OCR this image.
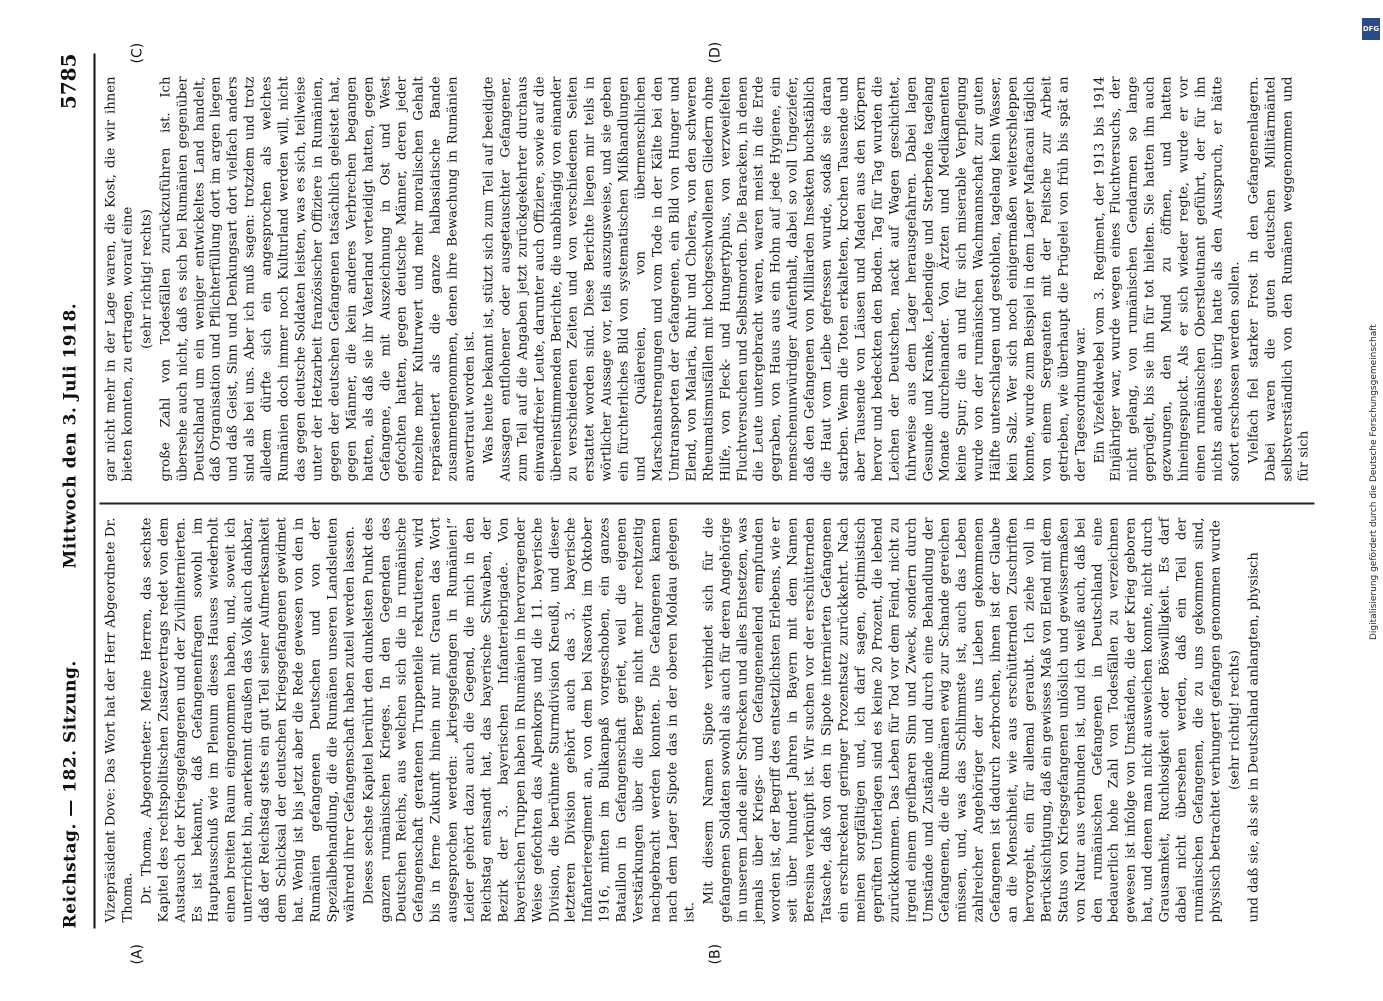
Reichstag. — 182. Sitzung.
Mittwoch den 3. Juli 1918.
5785
(A)	(B)
(C)	(D)

Vizepräsident Dove: Das Wort hat der Herr Abgeordnete Dr. Thoma. Dr. Thoma, Abgeordneter: Meine Herren, das sechste Kapitel des rechtspolitischen Zusatzvertrags redet von dem Austausch der Kriegsgefangenen und der Zivilinternierten. Es ist bekannt, daß Gefangenenfragen sowohl im Hauptausschuß wie im Plenum dieses Hauses wiederholt einen breiten Raum eingenommen haben, und, soweit ich unterrichtet bin, anerkennt draußen das Volk auch dankbar, daß der Reichstag stets ein gut Teil seiner Aufmerksamkeit dem Schicksal der deutschen Kriegsgefangenen gewidmet hat. Wenig ist bis jetzt aber die Rede gewesen von den in Rumänien gefangenen Deutschen und von der Spezialbehandlung, die die Rumänen unseren Landsleuten während ihrer Gefangenschaft haben zuteil werden lassen. Dieses sechste Kapitel berührt den dunkelsten Punkt des ganzen rumänischen Krieges. In den Gegenden des Deutschen Reichs, aus welchen sich die in rumänische Gefangenschaft geratenen Truppenteile rekrutieren, wird bis in ferne Zukunft hinein nur mit Grauen das Wort ausgesprochen werden: „kriegsgefangen in Rumänien!“ Leider gehört dazu auch die Gegend, die mich in den Reichstag entsandt hat, das bayerische Schwaben, der Bezirk der 3. bayerischen Infanteriebrigade. Von bayerischen Truppen haben in Rumänien in hervorragender Weise gefochten das Alpenkorps und die 11. bayerische Division, die berühmte Sturmdivision Kneußl, und dieser letzteren Division gehört auch das 3. bayerische Infanterieregiment an, von dem bei Nasovita im Oktober 1916, mitten im Bulkanpaß vorgeschoben, ein ganzes Bataillon in Gefangenschaft geriet, weil die eigenen Verstärkungen über die Berge nicht mehr rechtzeitig nachgebracht werden konnten. Die Gefangenen kamen nach dem Lager Sipote das in der oberen Moldau gelegen ist.

Mit diesem Namen Sipote verbindet sich für die gefangenen Soldaten sowohl als auch für deren Angehörige in unserem Lande aller Schrecken und alles Entsetzen, was jemals über Kriegs- und Gefangenenelend empfunden worden ist, der Begriff des entsetzlichsten Erlebens, wie er seit über hundert Jahren in Bayern mit dem Namen Beresina verknüpft ist. Wir suchen vor der erschütternden Tatsache, daß von den in Sipote internierten Gefangenen ein erschreckend geringer Prozentsatz zurückkehrt. Nach meinen sorgfältigen und, ich darf sagen, optimistisch geprüften Unterlagen sind es keine 20 Prozent, die lebend zurückkommen. Das Leben für Tod vor dem Feind, nicht zu irgend einem greifbaren Sinn und Zweck, sondern durch Umstände und Zustände und durch eine Behandlung der Gefangenen, die die Rumänen ewig zur Schande gereichen müssen, und, was das Schlimmste ist, auch das Leben zahlreicher Angehöriger der uns Lieben gekommenen Gefangenen ist dadurch zerbrochen, ihnen ist der Glaube an die Menschheit, wie aus erschütternden Zuschriften hervorgeht, ein für allemal geraubt. Ich ziehe voll in Berücksichtigung, daß ein gewisses Maß von Elend mit dem Status von Kriegsgefangenen unlöslich und gewissermaßen von Natur aus verbunden ist, und ich weiß auch, daß bei den rumänischen Gefangenen in Deutschland eine bedauerlich hohe Zahl von Todesfällen zu verzeichnen gewesen ist infolge von Umständen, die der Krieg geboren hat, und denen man nicht ausweichen konnte, nicht durch Grausamkeit, Ruchlosigkeit oder Böswilligkeit. Es darf dabei nicht übersehen werden, daß ein Teil der rumänischen Gefangenen, die zu uns gekommen sind, physisch betrachtet verhungert gefangen genommen wurde (sehr richtig! rechts) und daß sie, als sie in Deutschland anlangten, physisch

gar nicht mehr in der Lage waren, die Kost, die wir ihnen bieten konnten, zu ertragen, worauf eine (sehr richtig! rechts) große Zahl von Todesfällen zurückzuführen ist. Ich übersehe auch nicht, daß es sich bei Rumänien gegenüber Deutschland um ein weniger entwickeltes Land handelt, daß Organisation und Pflichterfüllung dort im argen liegen und daß Geist, Sinn und Denkungsart dort vielfach anders sind als bei uns. Aber ich muß sagen: trotzdem und trotz alledem dürfte sich ein angesprochen als welches Rumänien doch immer noch Kulturland werden will, nicht das gegen deutsche Soldaten leisten, was es sich, teilweise unter der Hetzarbeit französischer Offiziere in Rumänien, gegen der deutschen Gefangenen tatsächlich geleistet hat, gegen Männer, die kein anderes Verbrechen begangen hatten, als daß sie ihr Vaterland verteidigt hatten, gegen Gefangene, die mit Auszeichnung in Ost und West gefochten hatten, gegen deutsche Männer, deren jeder einzelne mehr Kulturwert und mehr moralischen Gehalt repräsentiert als die ganze halbasiatische Bande zusammengenommen, denen ihre Bewachung in Rumänien anvertraut worden ist. Was heute bekannt ist, stützt sich zum Teil auf beeidigte Aussagen entflohener oder ausgetauschter Gefangener, zum Teil auf die Angaben jetzt zurückgekehrter durchaus einwandfreier Leute, darunter auch Offiziere, sowie auf die übereinstimmenden Berichte, die unabhängig von einander zu verschiedenen Zeiten und von verschiedenen Seiten erstattet worden sind. Diese Berichte liegen mir teils in wörtlicher Aussage vor, teils auszugsweise, und sie geben ein fürchterliches Bild von systematischen Mißhandlungen und Quälereien, von übermenschlichen Marschanstrengungen und vom Tode in der Kälte bei den Umtransporten der Gefangenen, ein Bild von Hunger und Elend, von Malaria, Ruhr und Cholera, von den schweren Rheumatismusfällen mit hochgeschwollenen Gliedern ohne Hilfe, von Fleck- und Hungertyphus, von verzweifelten Fluchtversuchen und Selbstmorden. Die Baracken, in denen die Leute untergebracht waren, waren meist in die Erde gegraben, von Haus aus ein Hohn auf jede Hygiene, ein menschenunwürdiger Aufenthalt, dabei so voll Ungeziefer, daß den Gefangenen von Milliarden Insekten buchstäblich die Haut vom Leibe gefressen wurde, sodaß sie daran starben. Wenn die Toten erkalteten, krochen Tausende und aber Tausende von Läusen und Maden aus den Körpern hervor und bedeckten den Boden. Tag für Tag wurden die Leichen der Deutschen, nackt auf Wagen geschichtet, fuhrweise aus dem Lager herausgefahren. Dabei lagen Gesunde und Kranke, Lebendige und Sterbende tagelang Monate durcheinander. Von Ärzten und Medikamenten keine Spur; die an und für sich miserable Verpflegung wurde von der rumänischen Wachmannschaft zur guten Hälfte unterschlagen und gestohlen, tagelang kein Wasser, kein Salz. Wer sich noch einigermaßen weiterschleppen konnte, wurde zum Beispiel in dem Lager Maftacani täglich von einem Sergeanten mit der Peitsche zur Arbeit getrieben, wie überhaupt die Prügelei von früh bis spät an der Tagesordnung war. Ein Vizefeldwebel vom 3. Regiment, der 1913 bis 1914 Einjähriger war, wurde wegen eines Fluchtversuchs, der nicht gelang, von rumänischen Gendarmen so lange geprügelt, bis sie ihn für tot hielten. Sie hatten ihn auch gezwungen, den Mund zu öffnen, und hatten hineingespuckt. Als er sich wieder regte, wurde er vor einen rumänischen Oberstleutnant geführt, der für ihn nichts anderes übrig hatte als den Ausspruch, er hätte sofort erschossen werden sollen. Vielfach fiel starker Frost in den Gefangenenlagern. Dabei waren die guten deutschen Militärmäntel selbstverständlich von den Rumänen weggenommen und für sich

DFG
Digitalisierung gefördert durch die Deutsche Forschungsgemeinschaft
